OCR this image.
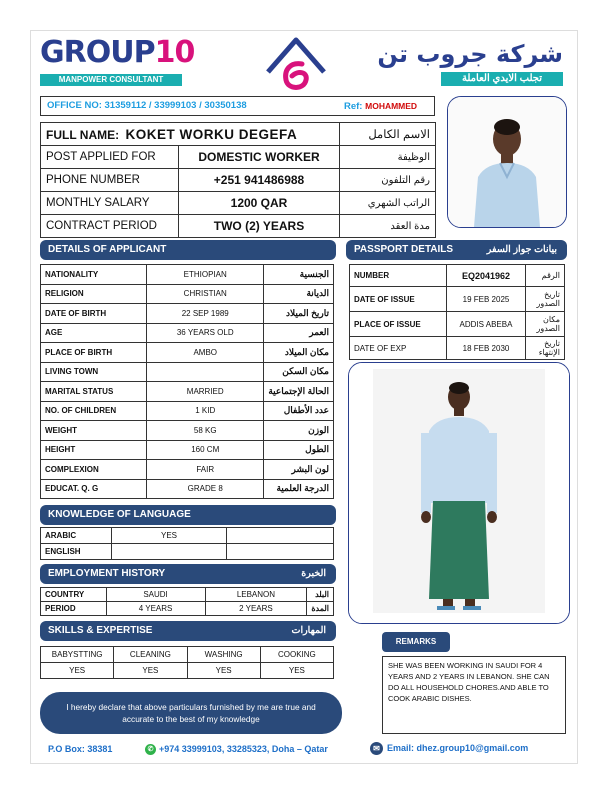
GROUP10
MANPOWER CONSULTANT
شركة جروب تن
تجلب الايدي العاملة
OFFICE NO: 31359112 / 33999103 / 30350138	Ref: MOHAMMED
FULL NAME: KOKET WORKU DEGEFA		الاسم الكامل
POST APPLIED FOR	DOMESTIC WORKER	الوظيفة
PHONE NUMBER	+251 941486988	رقم التلفون
MONTHLY SALARY	1200 QAR	الراتب الشهري
CONTRACT PERIOD	TWO (2) YEARS	مدة العقد
DETAILS OF APPLICANT
NATIONALITY	ETHIOPIAN	الجنسية
RELIGION	CHRISTIAN	الديانة
DATE OF BIRTH	22 SEP 1989	تاريخ الميلاد
AGE	36 YEARS OLD	العمر
PLACE OF BIRTH	AMBO	مكان الميلاد
LIVING TOWN		مكان السكن
MARITAL STATUS	MARRIED	الحالة الإجتماعية
NO. OF CHILDREN	1 KID	عدد الأطفال
WEIGHT	58 KG	الوزن
HEIGHT	160 CM	الطول
COMPLEXION	FAIR	لون البشر
EDUCAT. Q. G	GRADE 8	الدرجة العلمية
PASSPORT DETAILS	بيانات جواز السفر
NUMBER	EQ2041962	الرقم
DATE OF ISSUE	19 FEB 2025	تاريخ الصدور
PLACE OF ISSUE	ADDIS ABEBA	مكان الصدور
DATE OF EXP	18 FEB 2030	تاريخ الإنتهاء
KNOWLEDGE OF LANGUAGE
ARABIC	YES	
ENGLISH		
EMPLOYMENT HISTORY	الخبرة
COUNTRY	SAUDI	LEBANON	البلد
PERIOD	4 YEARS	2 YEARS	المدة
SKILLS & EXPERTISE	المهارات
BABYSTTING	CLEANING	WASHING	COOKING
YES	YES	YES	YES
REMARKS
SHE WAS BEEN WORKING IN SAUDI FOR 4 YEARS AND 2 YEARS IN LEBANON. SHE CAN DO ALL HOUSEHOLD CHORES.AND ABLE TO COOK ARABIC DISHES.
I hereby declare that above particulars furnished by me are true and accurate to the best of my knowledge
P.O Box: 38381	✆ +974 33999103, 33285323, Doha – Qatar	✉ Email: dhez.group10@gmail.com
